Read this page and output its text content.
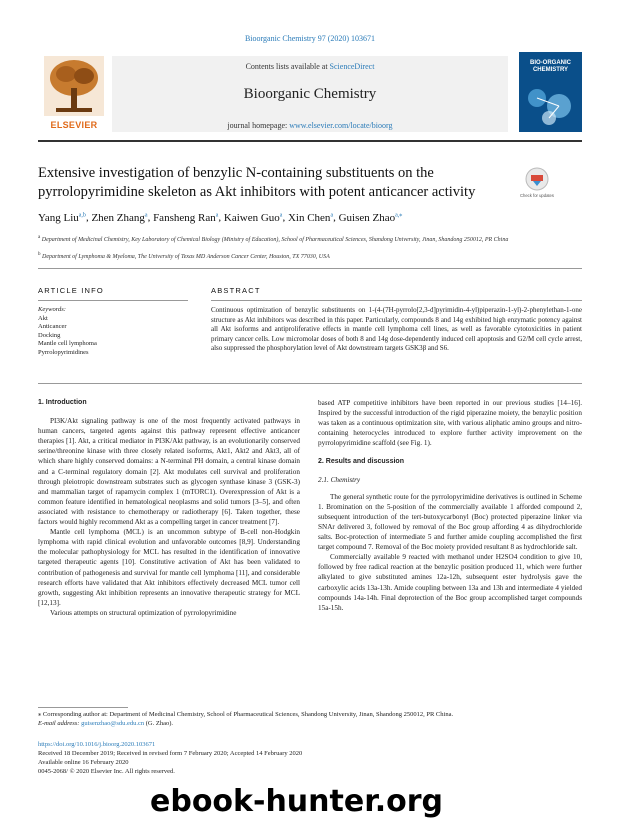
Bioorganic Chemistry 97 (2020) 103671
ELSEVIER
Contents lists available at ScienceDirect
Bioorganic Chemistry
journal homepage: www.elsevier.com/locate/bioorg
BIO-ORGANIC CHEMISTRY
Extensive investigation of benzylic N-containing substituents on the pyrrolopyrimidine skeleton as Akt inhibitors with potent anticancer activity	Check for updates
Yang Liu$^{a,b}$, Zhen Zhang$^a$, Fansheng Ran$^a$, Kaiwen Guo$^a$, Xin Chen$^a$, Guisen Zhao$^{a,⁎}$
$^a$ Department of Medicinal Chemistry, Key Laboratory of Chemical Biology (Ministry of Education), School of Pharmaceutical Sciences, Shandong University, Jinan, Shandong 250012, PR China
$^b$ Department of Lymphoma & Myeloma, The University of Texas MD Anderson Cancer Center, Houston, TX 77030, USA
ARTICLE INFO	ABSTRACT
Keywords:
Akt
Anticancer
Docking
Mantle cell lymphoma
Pyrrolopyrimidines
Continuous optimization of benzylic substituents on 1-(4-(7H-pyrrolo[2,3-d]pyrimidin-4-yl)piperazin-1-yl)-2-phenylethan-1-one structure as Akt inhibitors was described in this paper. Particularly, compounds 8 and 14g exhibited high enzymatic potency against all Akt isoforms and antiproliferative effects in mantle cell lymphoma cell lines, as well as favorable cytotoxicities in patient primary cancer cells. Low micromolar doses of both 8 and 14g dose-dependently induced cell apoptosis and G2/M cell cycle arrest, also suppressed the phosphorylation level of Akt downstream targets GSK3β and S6.

1. Introduction

PI3K/Akt signaling pathway is one of the most frequently activated pathways in human cancers, targeted agents against this pathway represent effective anticancer therapies [1]. Akt, a critical mediator in PI3K/Akt pathway, is an evolutionarily conserved serine/threonine kinase with three closely related isoforms, Akt1, Akt2 and Akt3, all of which share highly conserved domains: a N-terminal PH domain, a central kinase domain and a C-terminal regulatory domain [2]. Akt modulates cell survival and proliferation through pleiotropic downstream substrates such as glycogen synthase kinase 3 (GSK-3) and mammalian target of rapamycin complex 1 (mTORC1). Overexpression of Akt is a common feature identified in hematological neoplasms and solid tumors [3–5], and often associated with resistance to chemotherapy or radiotherapy [6]. Taken together, these factors would highly recommend Akt as a compelling target in cancer treatment [7].

Mantle cell lymphoma (MCL) is an uncommon subtype of B-cell non-Hodgkin lymphoma with rapid clinical evolution and unfavorable outcomes [8,9]. Understanding the molecular pathophysiology for MCL has resulted in the identification of innovative targeted therapeutic agents [10]. Constitutive activation of Akt has been validated to contribution of pathogenesis and survival for mantle cell lymphoma [11], and considerable research efforts have validated that Akt inhibitors effectively decreased MCL tumor cell growth, suggesting Akt inhibition represents an innovative therapeutic strategy for MCL [12,13].

Various attempts on structural optimization of pyrrolopyrimidine

based ATP competitive inhibitors have been reported in our previous studies [14–16]. Inspired by the successful introduction of the rigid piperazine moiety, the benzylic position was taken as a continuous optimization site, with various aliphatic amino groups and nitro-containing heterocycles introduced to explore further activity improvement on the pyrrolopyrimidine scaffold (see Fig. 1).

2. Results and discussion

2.1. Chemistry

The general synthetic route for the pyrrolopyrimidine derivatives is outlined in Scheme 1. Bromination on the 5-position of the commercially available 1 afforded compound 2, subsequent introduction of the tert-butoxycarbonyl (Boc) protected piperazine linker via SNAr delivered 3, followed by removal of the Boc group affording 4 as dihydrochloride salts. Boc-protection of intermediate 5 and further amide coupling accomplished the first target compound 7. Removal of the Boc moiety provided resultant 8 as hydrochloride salt.

Commercially available 9 reacted with methanol under H2SO4 condition to give 10, followed by free radical reaction at the benzylic position produced 11, which were further alkylated to give substituted amines 12a-12h, subsequent ester hydrolysis gave the carboxylic acids 13a-13h. Amide coupling between 13a and 13h and intermediate 4 yielded compounds 14a-14h. Final deprotection of the Boc group accomplished target compounds 15a-15h.

⁎ Corresponding author at: Department of Medicinal Chemistry, School of Pharmaceutical Sciences, Shandong University, Jinan, Shandong 250012, PR China.
E-mail address: guisenzhao@sdu.edu.cn (G. Zhao).
https://doi.org/10.1016/j.bioorg.2020.103671
Received 18 December 2019; Received in revised form 7 February 2020; Accepted 14 February 2020
Available online 16 February 2020
0045-2068/ © 2020 Elsevier Inc. All rights reserved.
ebook-hunter.org
